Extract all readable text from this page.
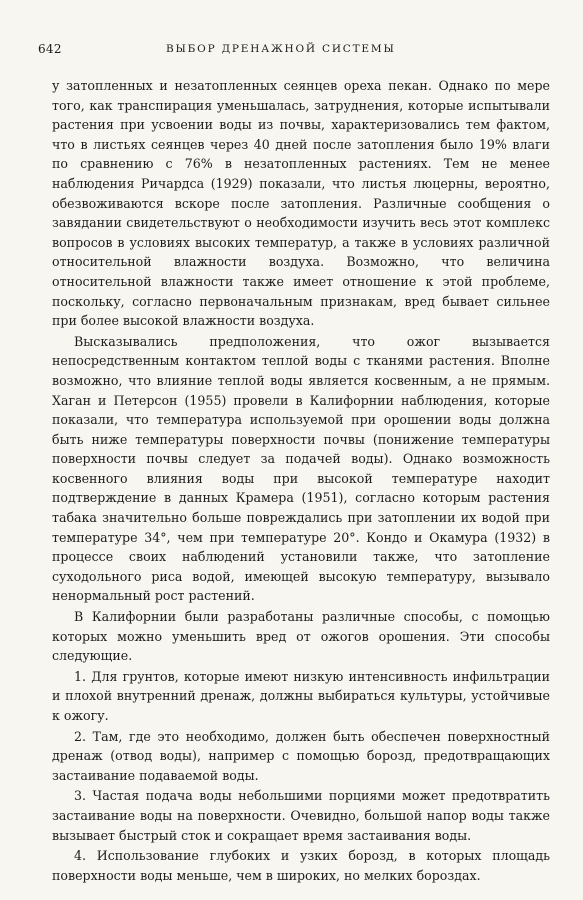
642	ВЫБОР ДРЕНАЖНОЙ СИСТЕМЫ

у затопленных и незатопленных сеянцев ореха пекан. Однако по мере того, как транспирация уменьшалась, затруднения, которые испытывали растения при усвоении воды из почвы, характеризовались тем фактом, что в листьях сеянцев через 40 дней после затопления было 19% влаги по сравнению с 76% в незатопленных растениях. Тем не менее наблюдения Ричардса (1929) показали, что листья люцерны, вероятно, обезвоживаются вскоре после затопления. Различные сообщения о завядании свидетельствуют о необходимости изучить весь этот комплекс вопросов в условиях высоких температур, а также в условиях различной относительной влажности воздуха. Возможно, что величина относительной влажности также имеет отношение к этой проблеме, поскольку, согласно первоначальным признакам, вред бывает сильнее при более высокой влажности воздуха.

Высказывались предположения, что ожог вызывается непосредственным контактом теплой воды с тканями растения. Вполне возможно, что влияние теплой воды является косвенным, а не прямым. Хаган и Петерсон (1955) провели в Калифорнии наблюдения, которые показали, что температура используемой при орошении воды должна быть ниже температуры поверхности почвы (понижение температуры поверхности почвы следует за подачей воды). Однако возможность косвенного влияния воды при высокой температуре находит подтверждение в данных Крамера (1951), согласно которым растения табака значительно больше повреждались при затоплении их водой при температуре 34°, чем при температуре 20°. Кондо и Окамура (1932) в процессе своих наблюдений установили также, что затопление суходольного риса водой, имеющей высокую температуру, вызывало ненормальный рост растений.

В Калифорнии были разработаны различные способы, с помощью которых можно уменьшить вред от ожогов орошения. Эти способы следующие.

1. Для грунтов, которые имеют низкую интенсивность инфильтрации и плохой внутренний дренаж, должны выбираться культуры, устойчивые к ожогу.

2. Там, где это необходимо, должен быть обеспечен поверхностный дренаж (отвод воды), например с помощью борозд, предотвращающих застаивание подаваемой воды.

3. Частая подача воды небольшими порциями может предотвратить застаивание воды на поверхности. Очевидно, большой напор воды также вызывает быстрый сток и сокращает время застаивания воды.

4. Использование глубоких и узких борозд, в которых площадь поверхности воды меньше, чем в широких, но мелких бороздах.
